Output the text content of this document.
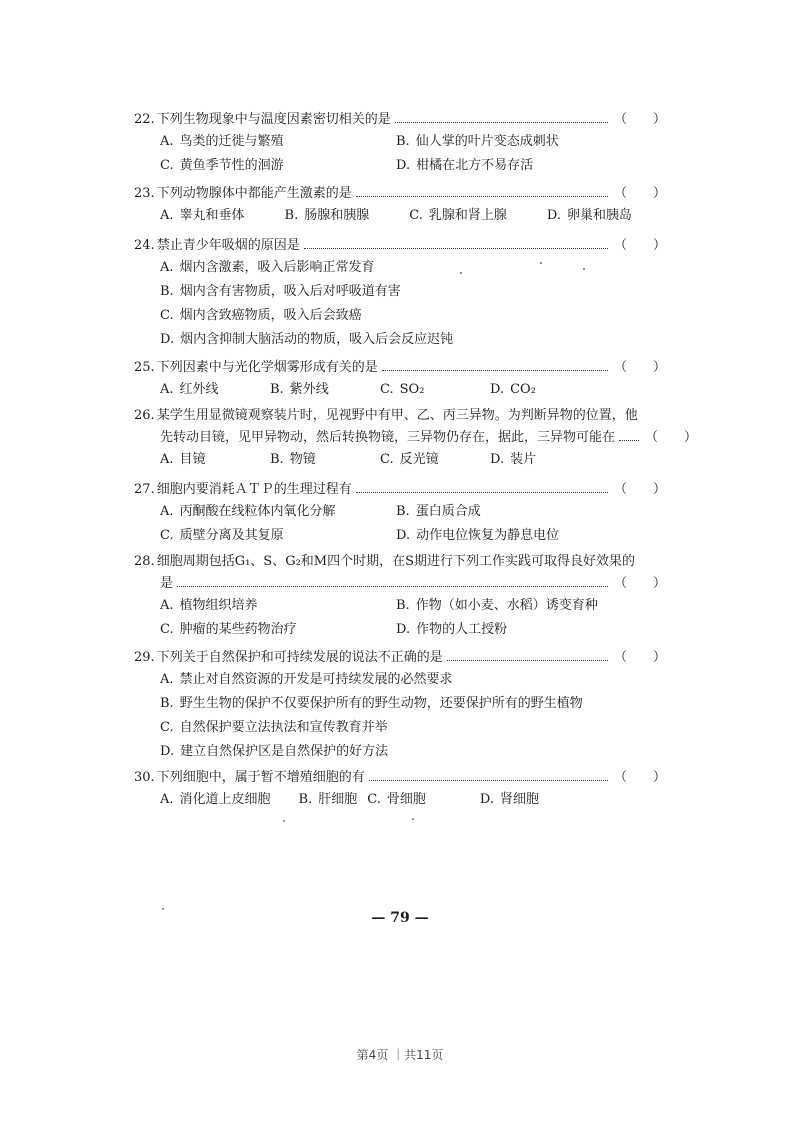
22. 下列生物现象中与温度因素密切相关的是	（　　）
A. 鸟类的迁徙与繁殖	B. 仙人掌的叶片变态成刺状
C. 黄鱼季节性的洄游	D. 柑橘在北方不易存活
23. 下列动物腺体中都能产生激素的是	（　　）
A. 睾丸和垂体	B. 肠腺和胰腺	C. 乳腺和肾上腺	D. 卵巢和胰岛
24. 禁止青少年吸烟的原因是	（　　）
A. 烟内含激素，吸入后影响正常发育
B. 烟内含有害物质，吸入后对呼吸道有害
C. 烟内含致癌物质，吸入后会致癌
D. 烟内含抑制大脑活动的物质，吸入后会反应迟钝
25. 下列因素中与光化学烟雾形成有关的是	（　　）
A. 红外线	B. 紫外线	C. SO₂	D. CO₂
26. 某学生用显微镜观察装片时，见视野中有甲、乙、丙三异物。为判断异物的位置，他
先转动目镜，见甲异物动，然后转换物镜，三异物仍存在，据此，三异物可能在 （　　）
A. 目镜	B. 物镜	C. 反光镜	D. 装片
27. 细胞内要消耗ＡＴＰ的生理过程有	（　　）
A. 丙酮酸在线粒体内氧化分解	B. 蛋白质合成
C. 质壁分离及其复原	D. 动作电位恢复为静息电位
28. 细胞周期包括G₁、S、G₂和M四个时期，在S期进行下列工作实践可取得良好效果的
是	（　　）
A. 植物组织培养	B. 作物（如小麦、水稻）诱变育种
C. 肿瘤的某些药物治疗	D. 作物的人工授粉
29. 下列关于自然保护和可持续发展的说法不正确的是	（　　）
A. 禁止对自然资源的开发是可持续发展的必然要求
B. 野生生物的保护不仅要保护所有的野生动物，还要保护所有的野生植物
C. 自然保护要立法执法和宣传教育并举
D. 建立自然保护区是自然保护的好方法
30. 下列细胞中，属于暂不增殖细胞的有	（　　）
A. 消化道上皮细胞 B. 肝细胞 C. 骨细胞	D. 肾细胞
— 79 —
第4页 ｜共11页
